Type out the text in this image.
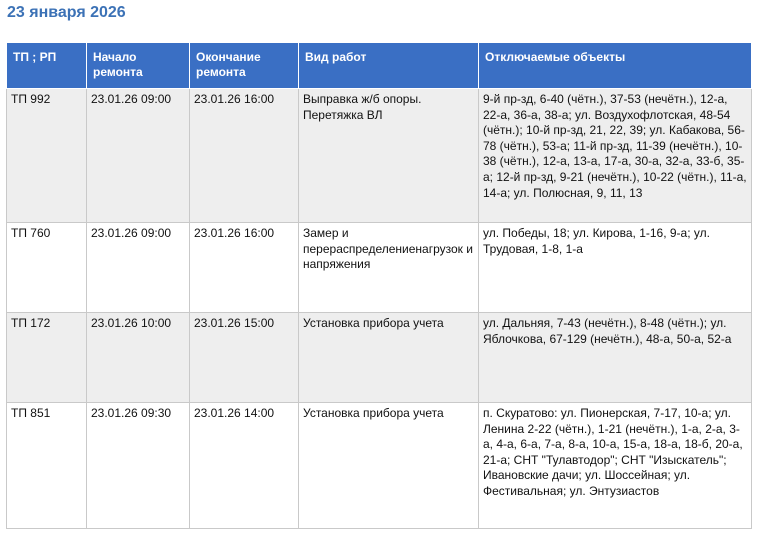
23 января 2026
ТП ; РП	Начало ремонта	Окончание ремонта	Вид работ	Отключаемые объекты

ТП 992	23.01.26 09:00	23.01.26 16:00	Выправка ж/б опоры. Перетяжка ВЛ	9-й пр-зд, 6-40 (чётн.), 37-53 (нечётн.), 12-а, 22-а, 36-а, 38-а; ул. Воздухофлотская, 48-54 (чётн.); 10-й пр-зд, 21, 22, 39; ул. Кабакова, 56-78 (чётн.), 53-а; 11-й пр-зд, 11-39 (нечётн.), 10-38 (чётн.), 12-а, 13-а, 17-а, 30-а, 32-а, 33-б, 35-а; 12-й пр-зд, 9-21 (нечётн.), 10-22 (чётн.), 11-а, 14-а; ул. Полюсная, 9, 11, 13

ТП 760	23.01.26 09:00	23.01.26 16:00	Замер и перераспределениенагрузок и напряжения	ул. Победы, 18; ул. Кирова, 1-16, 9-а; ул. Трудовая, 1-8, 1-а

ТП 172	23.01.26 10:00	23.01.26 15:00	Установка прибора учета	ул. Дальняя, 7-43 (нечётн.), 8-48 (чётн.); ул. Яблочкова, 67-129 (нечётн.), 48-а, 50-а, 52-а

ТП 851	23.01.26 09:30	23.01.26 14:00	Установка прибора учета	п. Скуратово: ул. Пионерская, 7-17, 10-а; ул. Ленина 2-22 (чётн.), 1-21 (нечётн.), 1-а, 2-а, 3-а, 4-а, 6-а, 7-а, 8-а, 10-а, 15-а, 18-а, 18-б, 20-а, 21-а; СНТ "Тулавтодор"; СНТ "Изыскатель"; Ивановские дачи; ул. Шоссейная; ул. Фестивальная; ул. Энтузиастов
